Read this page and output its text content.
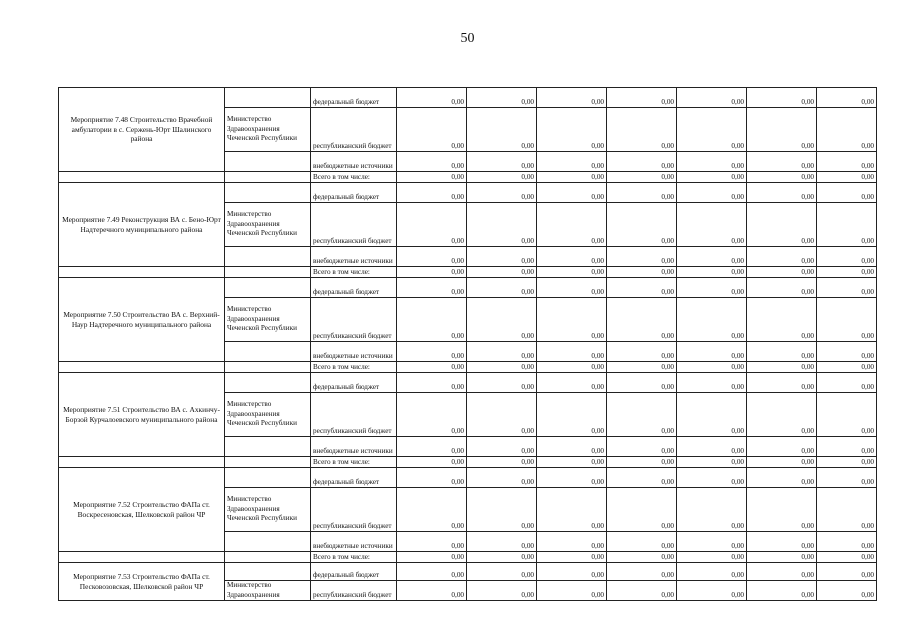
50
Мероприятие 7.48 Строительство Врачебной амбулатории в с. Сержень-Юрт Шалинского района		федеральный бюджет	0,00	0,00	0,00	0,00	0,00	0,00	0,00
	Министерство Здравоохранения Чеченской Республики	республиканский бюджет	0,00	0,00	0,00	0,00	0,00	0,00	0,00
		внебюджетные источники	0,00	0,00	0,00	0,00	0,00	0,00	0,00
		Всего в том числе:	0,00	0,00	0,00	0,00	0,00	0,00	0,00
Мероприятие 7.49 Реконструкция ВА с. Бено-Юрт Надтеречного муниципального района		федеральный бюджет	0,00	0,00	0,00	0,00	0,00	0,00	0,00
	Министерство Здравоохранения Чеченской Республики	республиканский бюджет	0,00	0,00	0,00	0,00	0,00	0,00	0,00
		внебюджетные источники	0,00	0,00	0,00	0,00	0,00	0,00	0,00
		Всего в том числе:	0,00	0,00	0,00	0,00	0,00	0,00	0,00
Мероприятие 7.50 Строительство ВА с. Верхний-Наур Надтеречного муниципального района		федеральный бюджет	0,00	0,00	0,00	0,00	0,00	0,00	0,00
	Министерство Здравоохранения Чеченской Республики	республиканский бюджет	0,00	0,00	0,00	0,00	0,00	0,00	0,00
		внебюджетные источники	0,00	0,00	0,00	0,00	0,00	0,00	0,00
		Всего в том числе:	0,00	0,00	0,00	0,00	0,00	0,00	0,00
Мероприятие 7.51 Строительство ВА с. Ахкинчу-Борзой Курчалоевского муниципального района		федеральный бюджет	0,00	0,00	0,00	0,00	0,00	0,00	0,00
	Министерство Здравоохранения Чеченской Республики	республиканский бюджет	0,00	0,00	0,00	0,00	0,00	0,00	0,00
		внебюджетные источники	0,00	0,00	0,00	0,00	0,00	0,00	0,00
		Всего в том числе:	0,00	0,00	0,00	0,00	0,00	0,00	0,00
Мероприятие 7.52 Строительство ФАПа ст. Воскресеновская, Шелковской район ЧР		федеральный бюджет	0,00	0,00	0,00	0,00	0,00	0,00	0,00
	Министерство Здравоохранения Чеченской Республики	республиканский бюджет	0,00	0,00	0,00	0,00	0,00	0,00	0,00
		внебюджетные источники	0,00	0,00	0,00	0,00	0,00	0,00	0,00
		Всего в том числе:	0,00	0,00	0,00	0,00	0,00	0,00	0,00
Мероприятие 7.53 Строительство ФАПа ст. Песковозовская, Шелковской район ЧР		федеральный бюджет	0,00	0,00	0,00	0,00	0,00	0,00	0,00
	Министерство Здравоохранения	республиканский бюджет	0,00	0,00	0,00	0,00	0,00	0,00	0,00
